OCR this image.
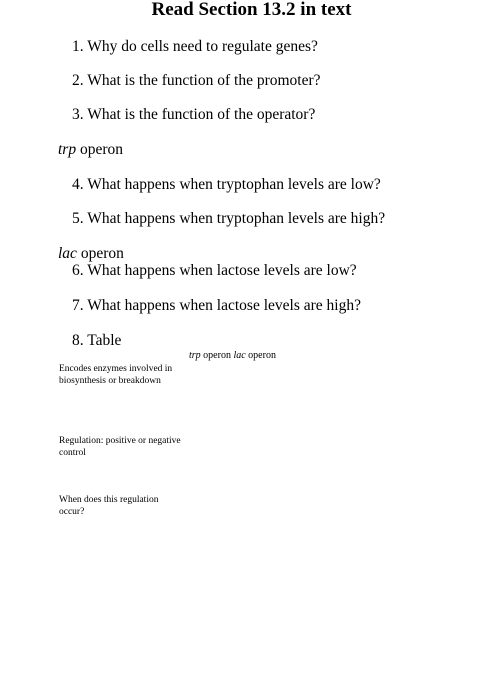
Read Section 13.2 in text
1. Why do cells need to regulate genes?
2. What is the function of the promoter?
3. What is the function of the operator?
trp operon
4. What happens when tryptophan levels are low?
5. What happens when tryptophan levels are high?
lac operon
6. What happens when lactose levels are low?
7. What happens when lactose levels are high?
8. Table
trp operon lac operon
Encodes enzymes involved in biosynthesis or breakdown
Regulation: positive or negative control
When does this regulation occur?
